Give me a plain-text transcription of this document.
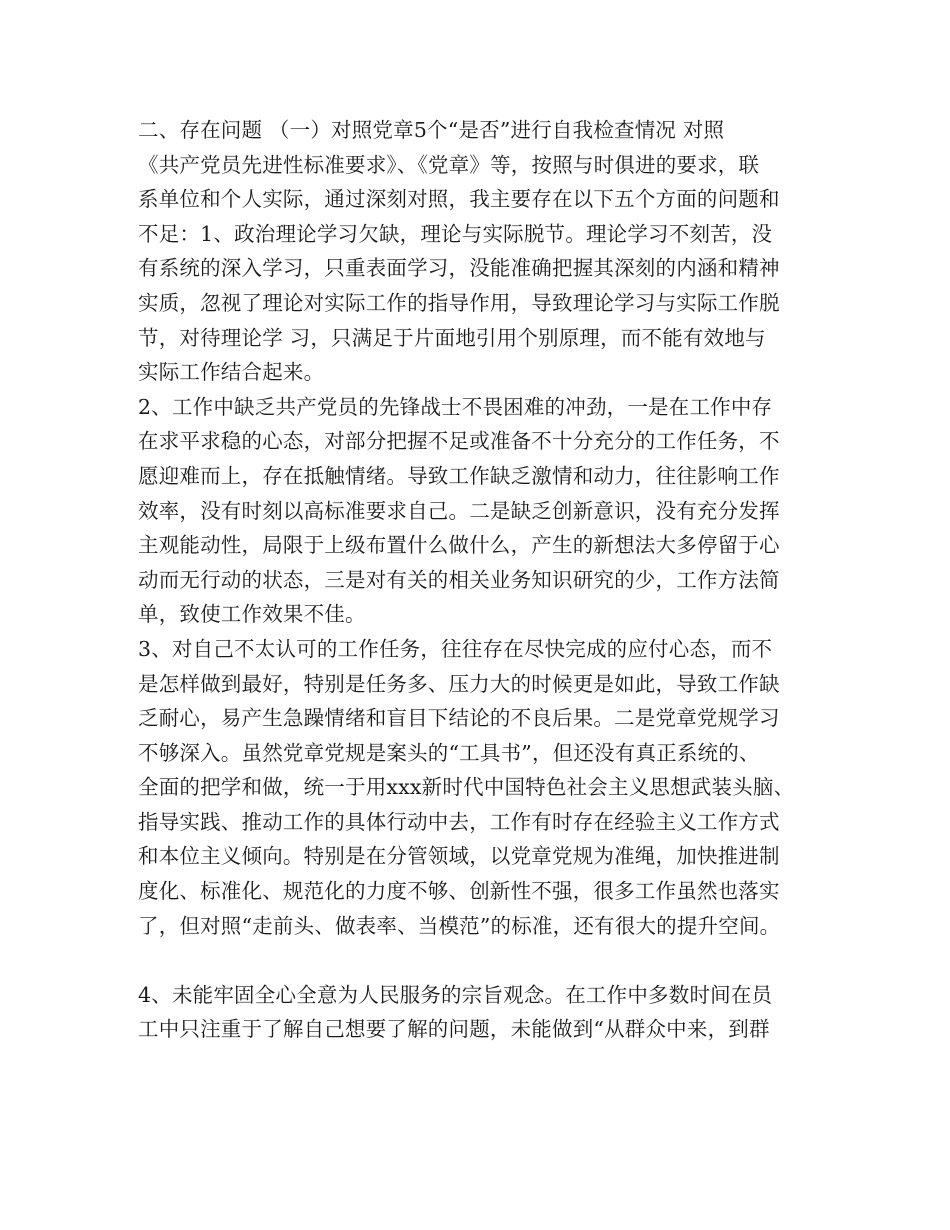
二、存在问题 （一）对照党章5个“是否”进行自我检查情况 对照
《共产党员先进性标准要求》、《党章》等，按照与时俱进的要求，联
系单位和个人实际，通过深刻对照，我主要存在以下五个方面的问题和
不足：1、政治理论学习欠缺，理论与实际脱节。理论学习不刻苦，没
有系统的深入学习，只重表面学习，没能准确把握其深刻的内涵和精神
实质，忽视了理论对实际工作的指导作用，导致理论学习与实际工作脱
节，对待理论学 习，只满足于片面地引用个别原理，而不能有效地与
实际工作结合起来。
2、工作中缺乏共产党员的先锋战士不畏困难的冲劲，一是在工作中存
在求平求稳的心态，对部分把握不足或准备不十分充分的工作任务，不
愿迎难而上，存在抵触情绪。导致工作缺乏激情和动力，往往影响工作
效率，没有时刻以高标准要求自己。二是缺乏创新意识，没有充分发挥
主观能动性，局限于上级布置什么做什么，产生的新想法大多停留于心
动而无行动的状态，三是对有关的相关业务知识研究的少，工作方法简
单，致使工作效果不佳。
3、对自己不太认可的工作任务，往往存在尽快完成的应付心态，而不
是怎样做到最好，特别是任务多、压力大的时候更是如此，导致工作缺
乏耐心，易产生急躁情绪和盲目下结论的不良后果。二是党章党规学习
不够深入。虽然党章党规是案头的“工具书”，但还没有真正系统的、
全面的把学和做，统一于用xxx新时代中国特色社会主义思想武装头脑、
指导实践、推动工作的具体行动中去，工作有时存在经验主义工作方式
和本位主义倾向。特别是在分管领域，以党章党规为准绳，加快推进制
度化、标准化、规范化的力度不够、创新性不强，很多工作虽然也落实
了，但对照“走前头、做表率、当模范”的标准，还有很大的提升空间。
4、未能牢固全心全意为人民服务的宗旨观念。在工作中多数时间在员
工中只注重于了解自己想要了解的问题，未能做到“从群众中来，到群
